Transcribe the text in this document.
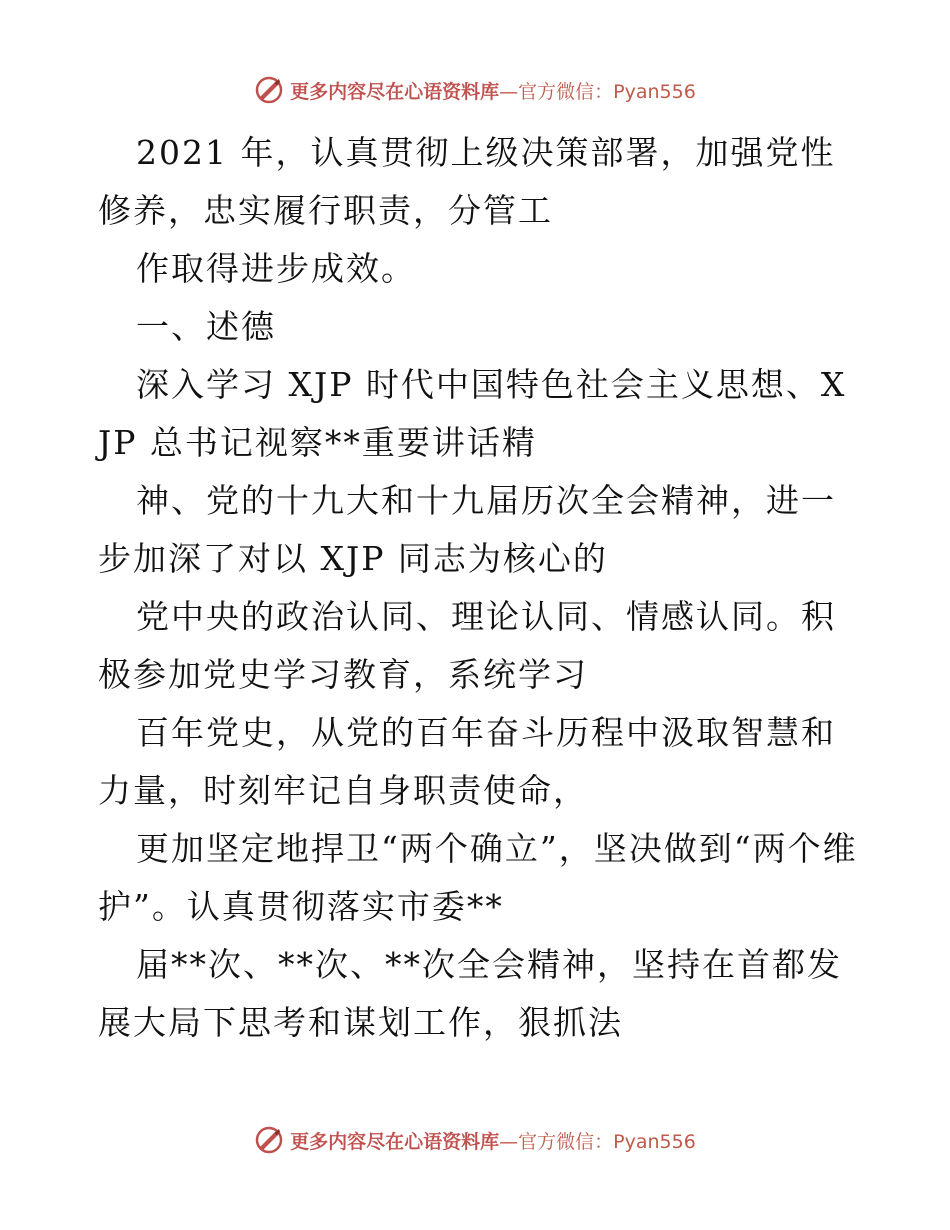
更多内容尽在心语资料库—官方微信：Pyan556

2021 年，认真贯彻上级决策部署，加强党性修养，忠实履行职责，分管工

作取得进步成效。

一、述德

深入学习 XJP 时代中国特色社会主义思想、XJP 总书记视察**重要讲话精

神、党的十九大和十九届历次全会精神，进一步加深了对以 XJP 同志为核心的

党中央的政治认同、理论认同、情感认同。积极参加党史学习教育，系统学习

百年党史，从党的百年奋斗历程中汲取智慧和力量，时刻牢记自身职责使命，

更加坚定地捍卫“两个确立”，坚决做到“两个维护”。认真贯彻落实市委**

届**次、**次、**次全会精神，坚持在首都发展大局下思考和谋划工作，狠抓法

更多内容尽在心语资料库—官方微信：Pyan556
